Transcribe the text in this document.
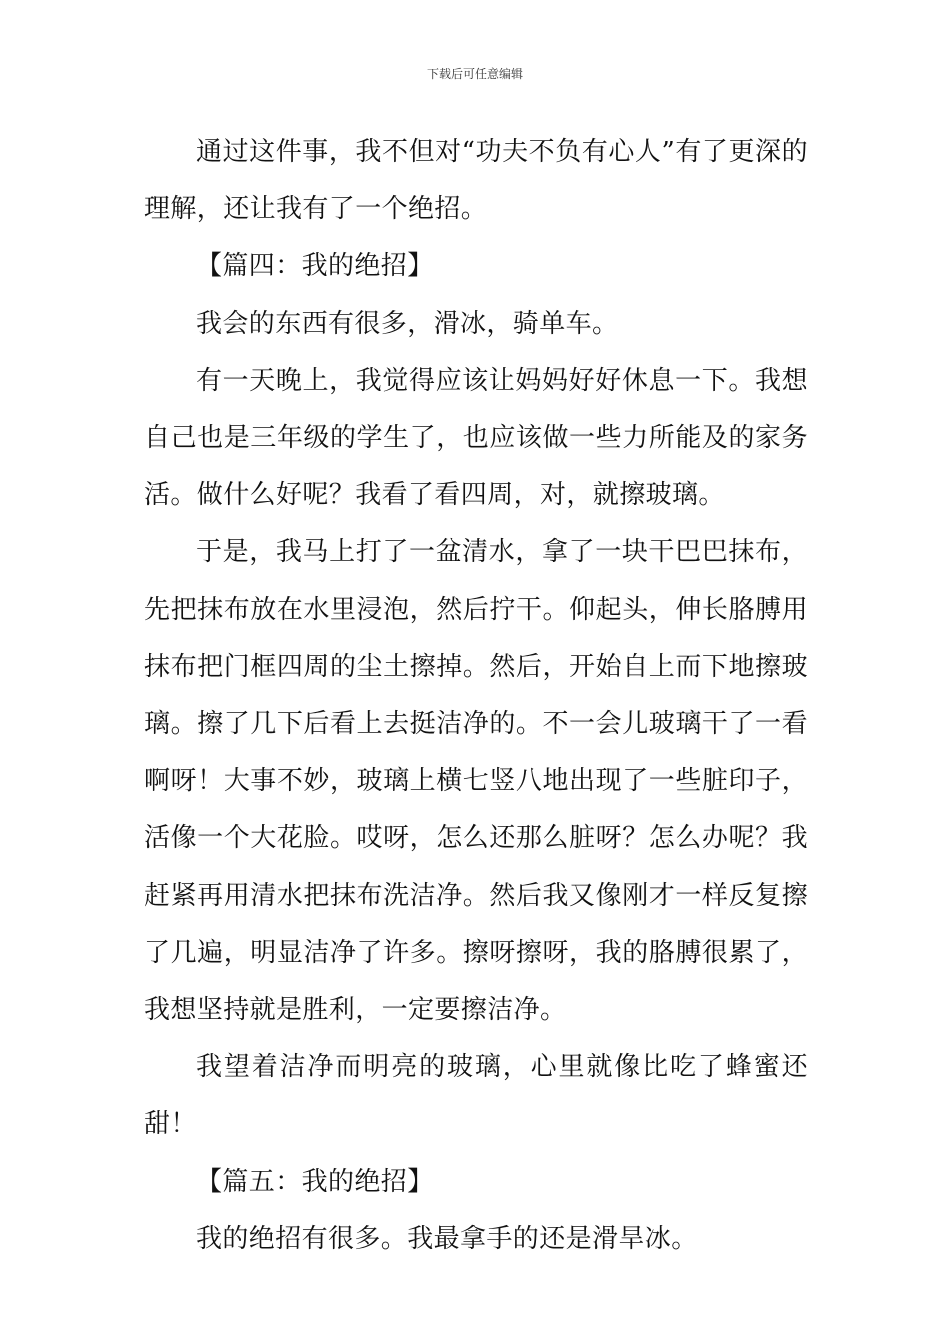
下载后可任意编辑

通过这件事，我不但对“功夫不负有心人”有了更深的理解，还让我有了一个绝招。

【篇四：我的绝招】

我会的东西有很多，滑冰，骑单车。

有一天晚上，我觉得应该让妈妈好好休息一下。我想自己也是三年级的学生了，也应该做一些力所能及的家务活。做什么好呢？我看了看四周，对，就擦玻璃。

于是，我马上打了一盆清水，拿了一块干巴巴抹布，先把抹布放在水里浸泡，然后拧干。仰起头，伸长胳膊用抹布把门框四周的尘土擦掉。然后，开始自上而下地擦玻璃。擦了几下后看上去挺洁净的。不一会儿玻璃干了一看啊呀！大事不妙，玻璃上横七竖八地出现了一些脏印子，活像一个大花脸。哎呀，怎么还那么脏呀？怎么办呢？我赶紧再用清水把抹布洗洁净。然后我又像刚才一样反复擦了几遍，明显洁净了许多。擦呀擦呀，我的胳膊很累了，我想坚持就是胜利，一定要擦洁净。

我望着洁净而明亮的玻璃，心里就像比吃了蜂蜜还甜！

【篇五：我的绝招】

我的绝招有很多。我最拿手的还是滑旱冰。
